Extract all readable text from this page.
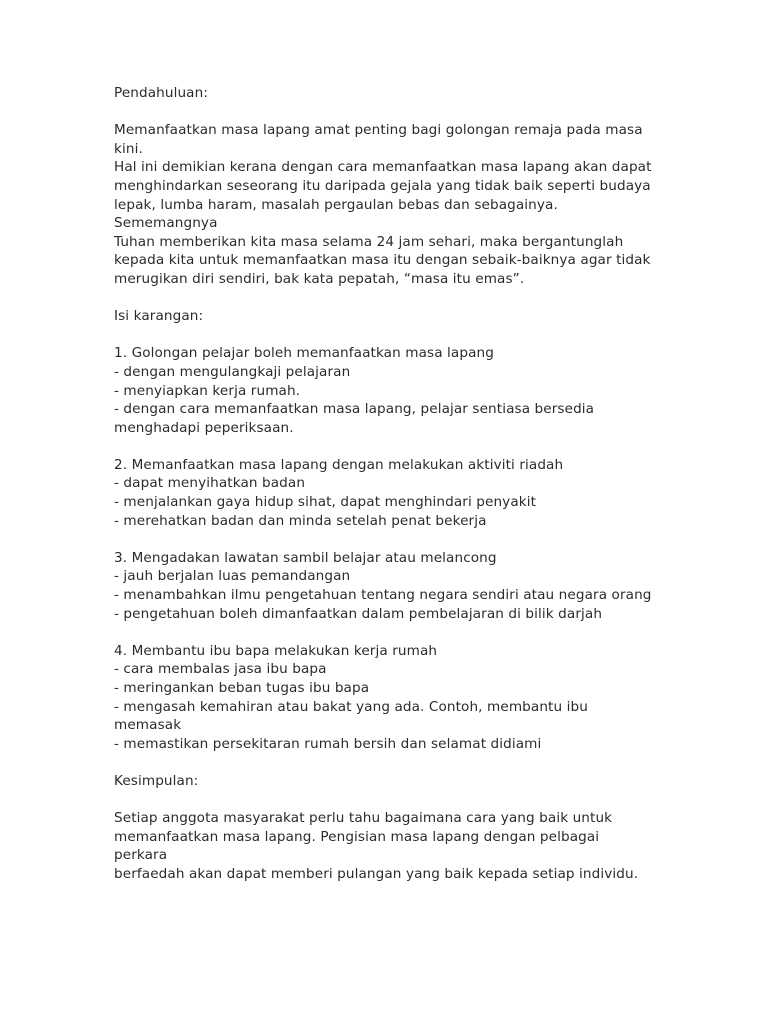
Pendahuluan:

Memanfaatkan masa lapang amat penting bagi golongan remaja pada masa kini.
Hal ini demikian kerana dengan cara memanfaatkan masa lapang akan dapat
menghindarkan seseorang itu daripada gejala yang tidak baik seperti budaya
lepak, lumba haram, masalah pergaulan bebas dan sebagainya. Sememangnya
Tuhan memberikan kita masa selama 24 jam sehari, maka bergantunglah
kepada kita untuk memanfaatkan masa itu dengan sebaik-baiknya agar tidak
merugikan diri sendiri, bak kata pepatah, “masa itu emas”.

Isi karangan:

1. Golongan pelajar boleh memanfaatkan masa lapang
- dengan mengulangkaji pelajaran
- menyiapkan kerja rumah.
- dengan cara memanfaatkan masa lapang, pelajar sentiasa bersedia
menghadapi peperiksaan.
2. Memanfaatkan masa lapang dengan melakukan aktiviti riadah
- dapat menyihatkan badan
- menjalankan gaya hidup sihat, dapat menghindari penyakit
- merehatkan badan dan minda setelah penat bekerja
3. Mengadakan lawatan sambil belajar atau melancong
- jauh berjalan luas pemandangan
- menambahkan ilmu pengetahuan tentang negara sendiri atau negara orang
- pengetahuan boleh dimanfaatkan dalam pembelajaran di bilik darjah
4. Membantu ibu bapa melakukan kerja rumah
- cara membalas jasa ibu bapa
- meringankan beban tugas ibu bapa
- mengasah kemahiran atau bakat yang ada. Contoh, membantu ibu memasak
- memastikan persekitaran rumah bersih dan selamat didiami

Kesimpulan:

Setiap anggota masyarakat perlu tahu bagaimana cara yang baik untuk
memanfaatkan masa lapang. Pengisian masa lapang dengan pelbagai perkara
berfaedah akan dapat memberi pulangan yang baik kepada setiap individu.
